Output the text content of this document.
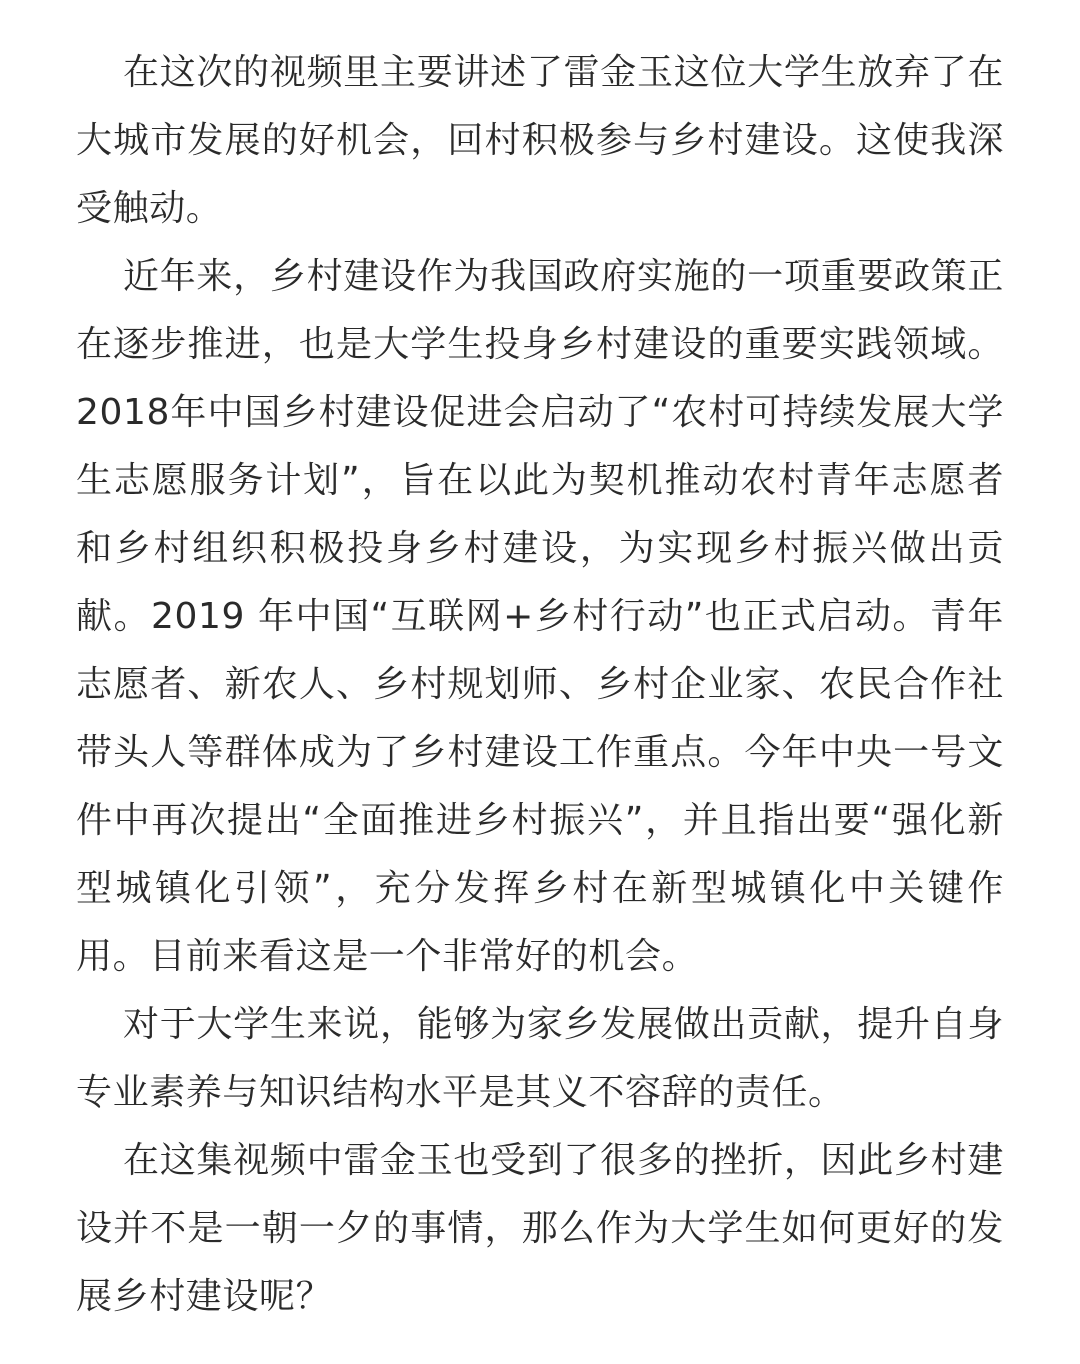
在这次的视频里主要讲述了雷金玉这位大学生放弃了在大城市发展的好机会，回村积极参与乡村建设。这使我深受触动。

近年来，乡村建设作为我国政府实施的一项重要政策正在逐步推进，也是大学生投身乡村建设的重要实践领域。2018年中国乡村建设促进会启动了“农村可持续发展大学生志愿服务计划”，旨在以此为契机推动农村青年志愿者和乡村组织积极投身乡村建设，为实现乡村振兴做出贡献。2019 年中国“互联网+乡村行动”也正式启动。青年志愿者、新农人、乡村规划师、乡村企业家、农民合作社带头人等群体成为了乡村建设工作重点。今年中央一号文件中再次提出“全面推进乡村振兴”，并且指出要“强化新型城镇化引领”，充分发挥乡村在新型城镇化中关键作用。目前来看这是一个非常好的机会。

对于大学生来说，能够为家乡发展做出贡献，提升自身专业素养与知识结构水平是其义不容辞的责任。

在这集视频中雷金玉也受到了很多的挫折，因此乡村建设并不是一朝一夕的事情，那么作为大学生如何更好的发展乡村建设呢？
